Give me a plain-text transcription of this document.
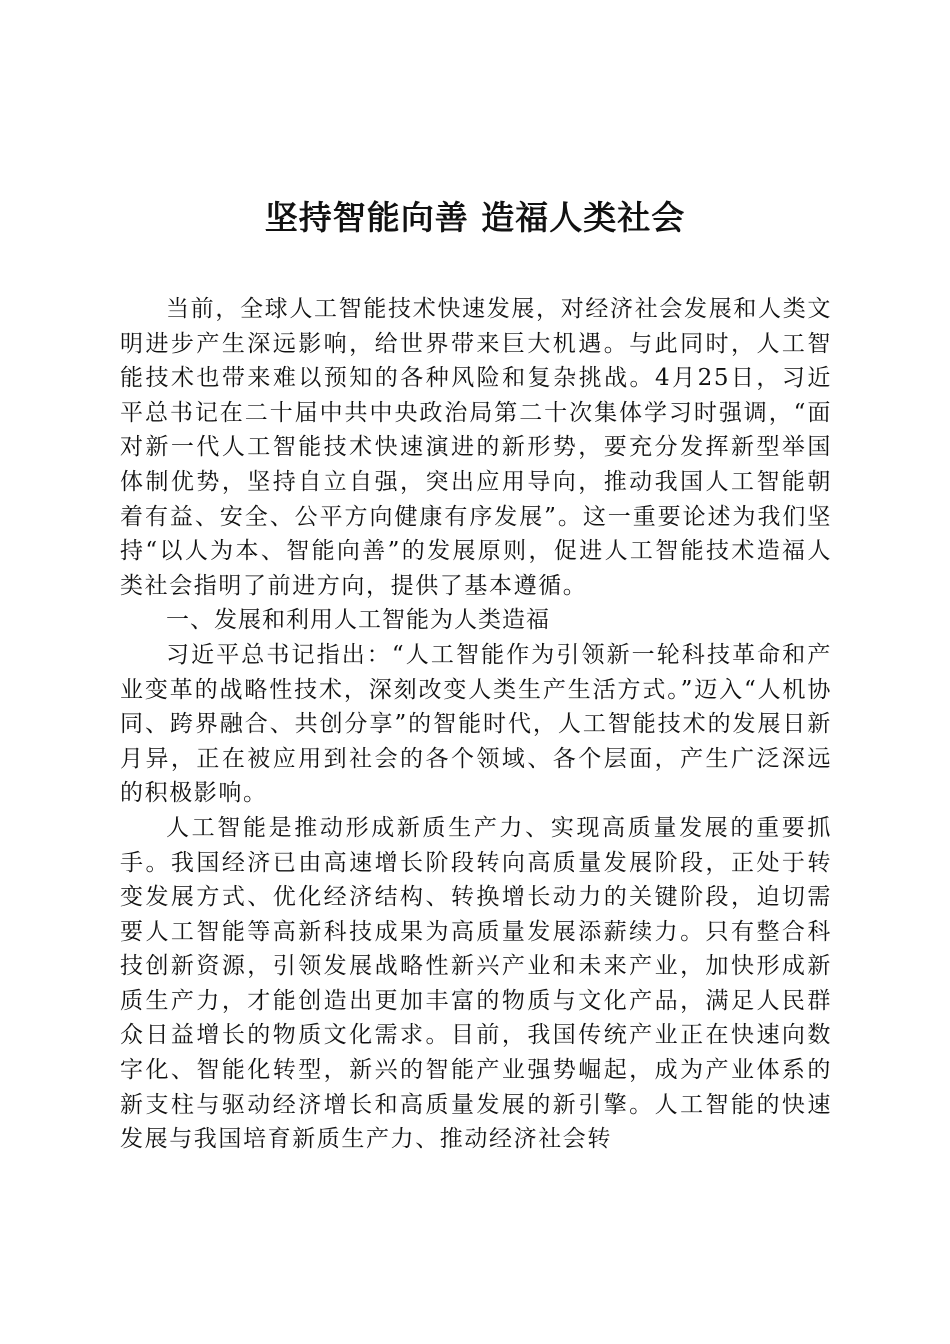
坚持智能向善 造福人类社会

当前，全球人工智能技术快速发展，对经济社会发展和人类文明进步产生深远影响，给世界带来巨大机遇。与此同时，人工智能技术也带来难以预知的各种风险和复杂挑战。4月25日，习近平总书记在二十届中共中央政治局第二十次集体学习时强调，“面对新一代人工智能技术快速演进的新形势，要充分发挥新型举国体制优势，坚持自立自强，突出应用导向，推动我国人工智能朝着有益、安全、公平方向健康有序发展”。这一重要论述为我们坚持“以人为本、智能向善”的发展原则，促进人工智能技术造福人类社会指明了前进方向，提供了基本遵循。

一、发展和利用人工智能为人类造福

习近平总书记指出：“人工智能作为引领新一轮科技革命和产业变革的战略性技术，深刻改变人类生产生活方式。”迈入“人机协同、跨界融合、共创分享”的智能时代，人工智能技术的发展日新月异，正在被应用到社会的各个领域、各个层面，产生广泛深远的积极影响。

人工智能是推动形成新质生产力、实现高质量发展的重要抓手。我国经济已由高速增长阶段转向高质量发展阶段，正处于转变发展方式、优化经济结构、转换增长动力的关键阶段，迫切需要人工智能等高新科技成果为高质量发展添薪续力。只有整合科技创新资源，引领发展战略性新兴产业和未来产业，加快形成新质生产力，才能创造出更加丰富的物质与文化产品，满足人民群众日益增长的物质文化需求。目前，我国传统产业正在快速向数字化、智能化转型，新兴的智能产业强势崛起，成为产业体系的新支柱与驱动经济增长和高质量发展的新引擎。人工智能的快速发展与我国培育新质生产力、推动经济社会转
